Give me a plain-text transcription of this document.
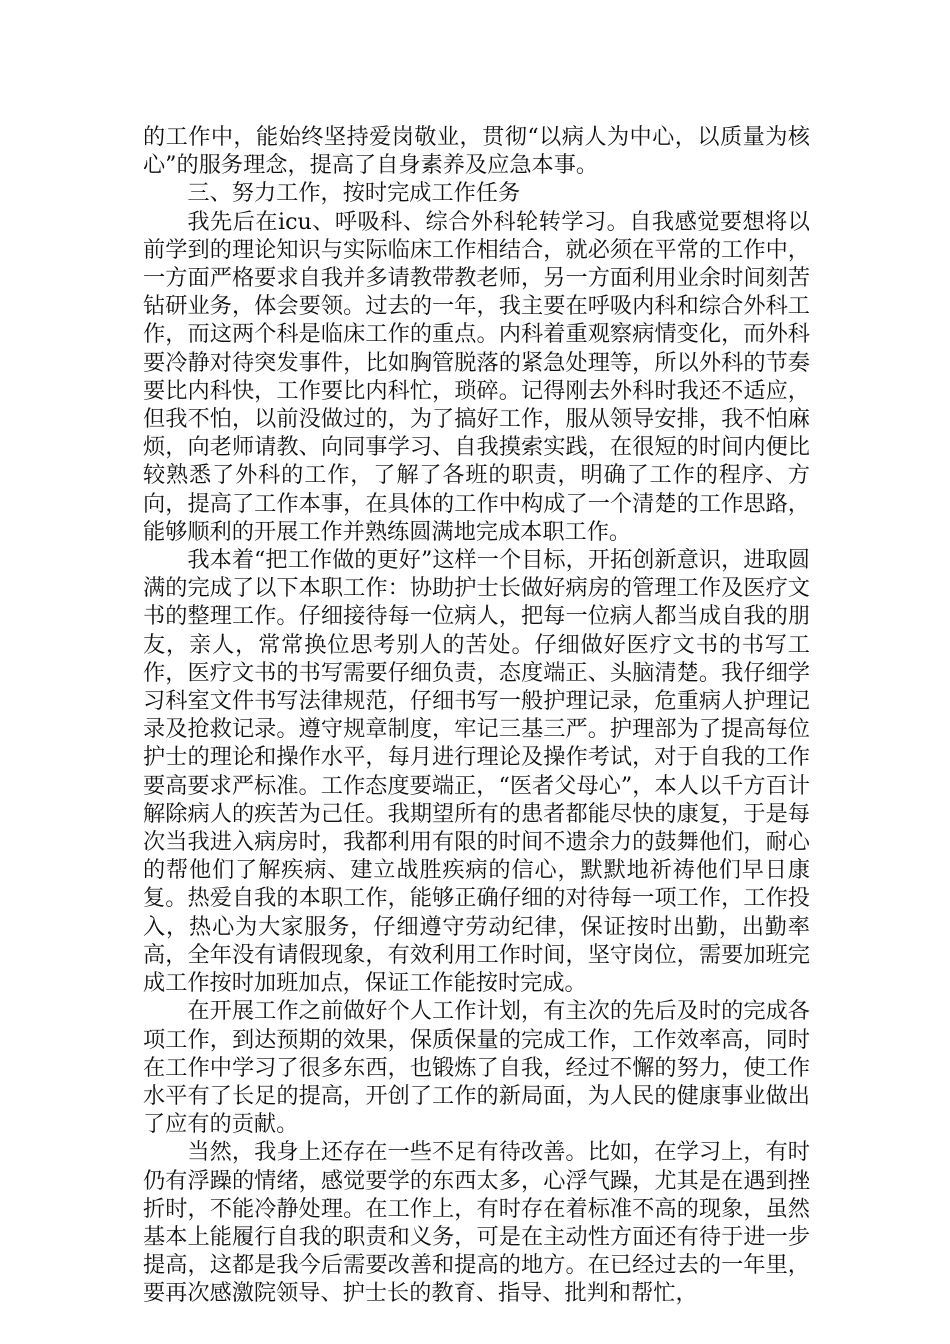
的工作中，能始终坚持爱岗敬业，贯彻“以病人为中心，以质量为核心”的服务理念，提高了自身素养及应急本事。

三、努力工作，按时完成工作任务

我先后在icu、呼吸科、综合外科轮转学习。自我感觉要想将以前学到的理论知识与实际临床工作相结合，就必须在平常的工作中，一方面严格要求自我并多请教带教老师，另一方面利用业余时间刻苦钻研业务，体会要领。过去的一年，我主要在呼吸内科和综合外科工作，而这两个科是临床工作的重点。内科着重观察病情变化，而外科要冷静对待突发事件，比如胸管脱落的紧急处理等，所以外科的节奏要比内科快，工作要比内科忙，琐碎。记得刚去外科时我还不适应，但我不怕，以前没做过的，为了搞好工作，服从领导安排，我不怕麻烦，向老师请教、向同事学习、自我摸索实践，在很短的时间内便比较熟悉了外科的工作，了解了各班的职责，明确了工作的程序、方向，提高了工作本事，在具体的工作中构成了一个清楚的工作思路，能够顺利的开展工作并熟练圆满地完成本职工作。

我本着“把工作做的更好”这样一个目标，开拓创新意识，进取圆满的完成了以下本职工作：协助护士长做好病房的管理工作及医疗文书的整理工作。仔细接待每一位病人，把每一位病人都当成自我的朋友，亲人，常常换位思考别人的苦处。仔细做好医疗文书的书写工作，医疗文书的书写需要仔细负责，态度端正、头脑清楚。我仔细学习科室文件书写法律规范，仔细书写一般护理记录，危重病人护理记录及抢救记录。遵守规章制度，牢记三基三严。护理部为了提高每位护士的理论和操作水平，每月进行理论及操作考试，对于自我的工作要高要求严标准。工作态度要端正，“医者父母心”，本人以千方百计解除病人的疾苦为己任。我期望所有的患者都能尽快的康复，于是每次当我进入病房时，我都利用有限的时间不遗余力的鼓舞他们，耐心的帮他们了解疾病、建立战胜疾病的信心，默默地祈祷他们早日康复。热爱自我的本职工作，能够正确仔细的对待每一项工作，工作投入，热心为大家服务，仔细遵守劳动纪律，保证按时出勤，出勤率高，全年没有请假现象，有效利用工作时间，坚守岗位，需要加班完成工作按时加班加点，保证工作能按时完成。

在开展工作之前做好个人工作计划，有主次的先后及时的完成各项工作，到达预期的效果，保质保量的完成工作，工作效率高，同时在工作中学习了很多东西，也锻炼了自我，经过不懈的努力，使工作水平有了长足的提高，开创了工作的新局面，为人民的健康事业做出了应有的贡献。

当然，我身上还存在一些不足有待改善。比如，在学习上，有时仍有浮躁的情绪，感觉要学的东西太多，心浮气躁，尤其是在遇到挫折时，不能冷静处理。在工作上，有时存在着标准不高的现象，虽然基本上能履行自我的职责和义务，可是在主动性方面还有待于进一步提高，这都是我今后需要改善和提高的地方。在已经过去的一年里，要再次感激院领导、护士长的教育、指导、批判和帮忙，
